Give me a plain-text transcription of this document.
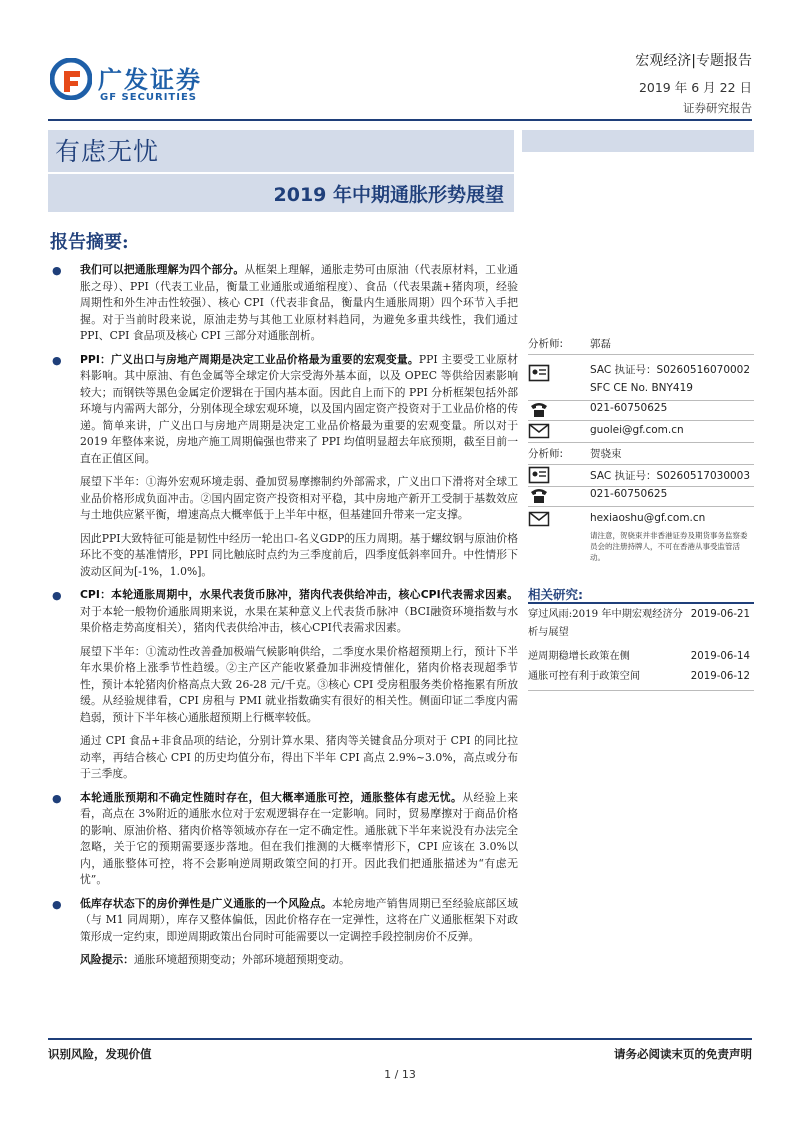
广发证券
GF SECURITIES
宏观经济|专题报告
2019 年 6 月 22 日
证券研究报告
有虑无忧
2019 年中期通胀形势展望
报告摘要:

● 我们可以把通胀理解为四个部分。从框架上理解，通胀走势可由原油（代表原材料，工业通胀之母）、PPI（代表工业品，衡量工业通胀或通缩程度）、食品（代表果蔬+猪肉项，经验周期性和外生冲击性较强）、核心 CPI（代表非食品，衡量内生通胀周期）四个环节入手把握。对于当前时段来说，原油走势与其他工业原材料趋同，为避免多重共线性，我们通过 PPI、CPI 食品项及核心 CPI 三部分对通胀剖析。

● PPI：广义出口与房地产周期是决定工业品价格最为重要的宏观变量。PPI 主要受工业原材料影响。其中原油、有色金属等全球定价大宗受海外基本面，以及 OPEC 等供给因素影响较大；而钢铁等黑色金属定价逻辑在于国内基本面。因此自上而下的 PPI 分析框架包括外部环境与内需两大部分，分别体现全球宏观环境，以及国内固定资产投资对于工业品价格的传递。简单来讲，广义出口与房地产周期是决定工业品价格最为重要的宏观变量。所以对于 2019 年整体来说，房地产施工周期偏强也带来了 PPI 均值明显超去年底预期，截至目前一直在正值区间。

展望下半年：①海外宏观环境走弱、叠加贸易摩擦制约外部需求，广义出口下滑将对全球工业品价格形成负面冲击。②国内固定资产投资相对平稳，其中房地产新开工受制于基数效应与土地供应紧平衡，增速高点大概率低于上半年中枢，但基建回升带来一定支撑。

因此PPI大致特征可能是韧性中经历一轮出口-名义GDP的压力周期。基于螺纹钢与原油价格环比不变的基准情形，PPI 同比触底时点约为三季度前后，四季度低斜率回升。中性情形下波动区间为[-1%，1.0%]。

● CPI：本轮通胀周期中，水果代表货币脉冲，猪肉代表供给冲击，核心CPI代表需求因素。对于本轮一般物价通胀周期来说，水果在某种意义上代表货币脉冲（BCI融资环境指数与水果价格走势高度相关），猪肉代表供给冲击，核心CPI代表需求因素。

展望下半年：①流动性改善叠加极端气候影响供给，二季度水果价格超预期上行，预计下半年水果价格上涨季节性趋缓。②主产区产能收紧叠加非洲疫情催化，猪肉价格表现超季节性，预计本轮猪肉价格高点大致 26-28 元/千克。③核心 CPI 受房租服务类价格拖累有所放缓。从经验规律看，CPI 房租与 PMI 就业指数确实有很好的相关性。侧面印证二季度内需趋弱，预计下半年核心通胀超预期上行概率较低。

通过 CPI 食品+非食品项的结论，分别计算水果、猪肉等关键食品分项对于 CPI 的同比拉动率，再结合核心 CPI 的历史均值分布，得出下半年 CPI 高点 2.9%~3.0%，高点或分布于三季度。

● 本轮通胀预期和不确定性随时存在，但大概率通胀可控，通胀整体有虑无忧。从经验上来看，高点在 3%附近的通胀水位对于宏观逻辑存在一定影响。同时，贸易摩擦对于商品价格的影响、原油价格、猪肉价格等领域亦存在一定不确定性。通胀就下半年来说没有办法完全忽略，关于它的预期需要逐步落地。但在我们推测的大概率情形下，CPI 应该在 3.0%以内，通胀整体可控，将不会影响逆周期政策空间的打开。因此我们把通胀描述为“有虑无忧”。

● 低库存状态下的房价弹性是广义通胀的一个风险点。本轮房地产销售周期已至经验底部区域（与 M1 同周期），库存又整体偏低，因此价格存在一定弹性，这将在广义通胀框架下对政策形成一定约束，即逆周期政策出台同时可能需要以一定调控手段控制房价不反弹。

风险提示：通胀环境超预期变动；外部环境超预期变动。
分析师:	郭磊
SAC 执证号：S0260516070002
SFC CE No. BNY419
021-60750625
guolei@gf.com.cn
分析师:	贺骁束
SAC 执证号：S0260517030003
021-60750625
hexiaoshu@gf.com.cn
请注意，贺骁束并非香港证券及期货事务监察委员会的注册持牌人，不可在香港从事受监管活动。
相关研究:
穿过风雨:2019 年中期宏观经济分析与展望2019-06-21
逆周期稳增长政策在侧	2019-06-14
通胀可控有利于政策空间	2019-06-12
识别风险，发现价值	请务必阅读末页的免责声明
1 / 13
